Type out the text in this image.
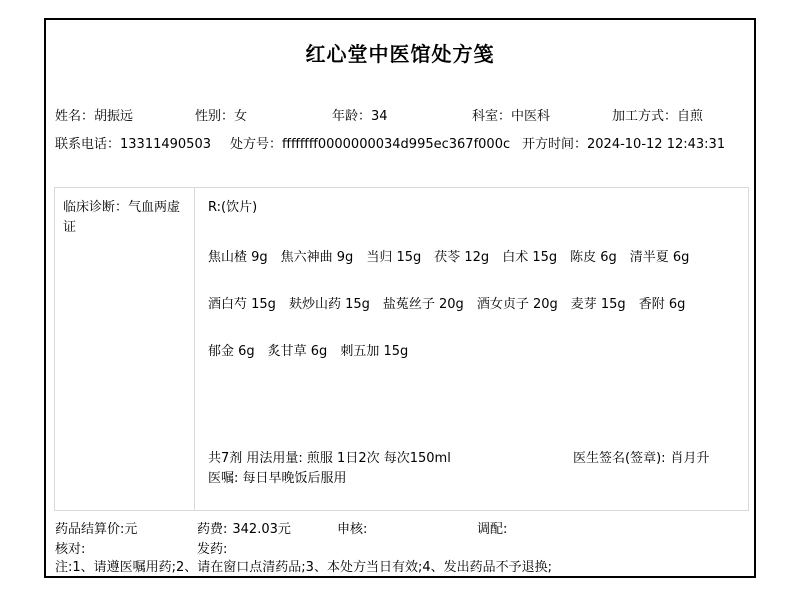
红心堂中医馆处方笺
姓名：胡振远	性别：女	年龄：34	科室：中医科	加工方式：自煎
联系电话：13311490503 处方号：ffffffff0000000034d995ec367f000c 开方时间：2024-10-12 12:43:31
临床诊断：气血两虚证
R:(饮片)
焦山楂 9g 焦六神曲 9g 当归 15g 茯苓 12g 白术 15g 陈皮 6g 清半夏 6g
酒白芍 15g 麸炒山药 15g 盐菟丝子 20g 酒女贞子 20g 麦芽 15g 香附 6g
郁金 6g 炙甘草 6g 刺五加 15g
共7剂 用法用量: 煎服 1日2次 每次150ml
医嘱: 每日早晚饭后服用
医生签名(签章): 肖月升
药品结算价:元	药费: 342.03元	申核:	调配:
核对:	发药:
注:1、请遵医嘱用药;2、请在窗口点清药品;3、本处方当日有效;4、发出药品不予退换;
